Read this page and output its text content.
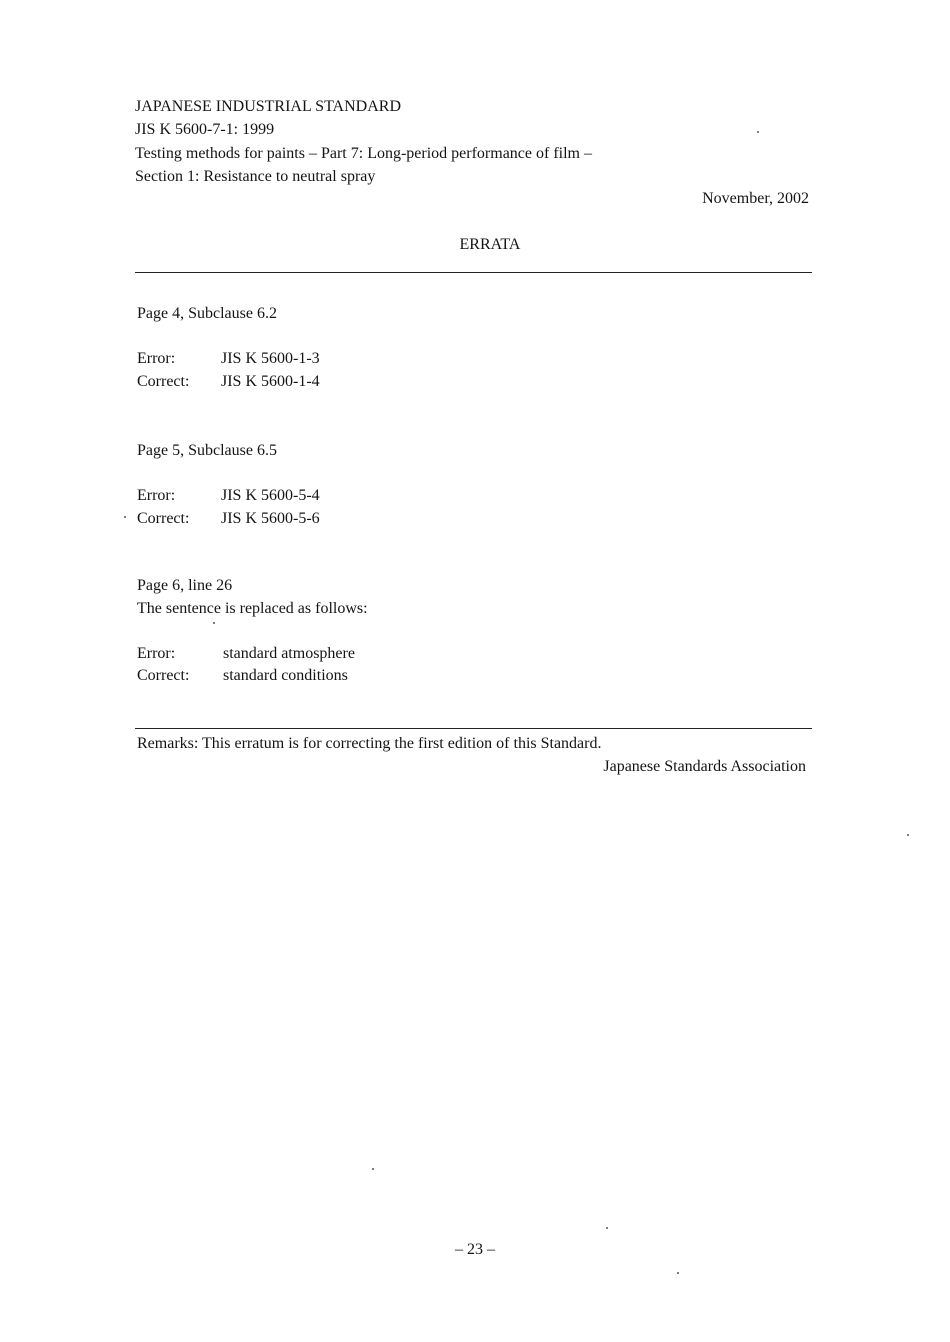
JAPANESE INDUSTRIAL STANDARD
JIS K 5600-7-1: 1999
Testing methods for paints – Part 7: Long-period performance of film –
Section 1: Resistance to neutral spray
November, 2002
ERRATA
Page 4, Subclause 6.2
Error:	JIS K 5600-1-3
Correct: JIS K 5600-1-4
Page 5, Subclause 6.5
Error:	JIS K 5600-5-4
Correct: JIS K 5600-5-6
Page 6, line 26
The sentence is replaced as follows:
Error:	standard atmosphere
Correct: standard conditions
Remarks: This erratum is for correcting the first edition of this Standard.
Japanese Standards Association
– 23 –
